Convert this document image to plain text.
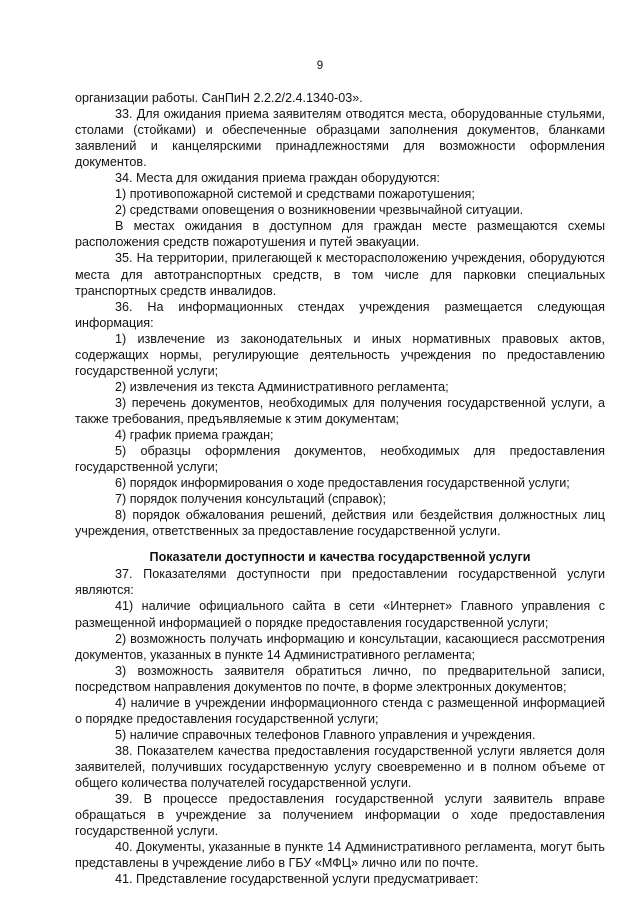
9

организации работы. СанПиН 2.2.2/2.4.1340-03».

33. Для ожидания приема заявителям отводятся места, оборудованные стульями, столами (стойками) и обеспеченные образцами заполнения документов, бланками заявлений и канцелярскими принадлежностями для возможности оформления документов.

34. Места для ожидания приема граждан оборудуются:

1) противопожарной системой и средствами пожаротушения;

2) средствами оповещения о возникновении чрезвычайной ситуации.

В местах ожидания в доступном для граждан месте размещаются схемы расположения средств пожаротушения и путей эвакуации.

35. На территории, прилегающей к месторасположению учреждения, оборудуются места для автотранспортных средств, в том числе для парковки специальных транспортных средств инвалидов.

36. На информационных стендах учреждения размещается следующая информация:

1) извлечение из законодательных и иных нормативных правовых актов, содержащих нормы, регулирующие деятельность учреждения по предоставлению государственной услуги;

2) извлечения из текста Административного регламента;

3) перечень документов, необходимых для получения государственной услуги, а также требования, предъявляемые к этим документам;

4) график приема граждан;

5) образцы оформления документов, необходимых для предоставления государственной услуги;

6) порядок информирования о ходе предоставления государственной услуги;

7) порядок получения консультаций (справок);

8) порядок обжалования решений, действия или бездействия должностных лиц учреждения, ответственных за предоставление государственной услуги.

Показатели доступности и качества государственной услуги

37. Показателями доступности при предоставлении государственной услуги являются:

41) наличие официального сайта в сети «Интернет» Главного управления с размещенной информацией о порядке предоставления государственной услуги;

2) возможность получать информацию и консультации, касающиеся рассмотрения документов, указанных в пункте 14 Административного регламента;

3) возможность заявителя обратиться лично, по предварительной записи, посредством направления документов по почте, в форме электронных документов;

4) наличие в учреждении информационного стенда с размещенной информацией о порядке предоставления государственной услуги;

5) наличие справочных телефонов Главного управления и учреждения.

38. Показателем качества предоставления государственной услуги является доля заявителей, получивших государственную услугу своевременно и в полном объеме от общего количества получателей государственной услуги.

39. В процессе предоставления государственной услуги заявитель вправе обращаться в учреждение за получением информации о ходе предоставления государственной услуги.

40. Документы, указанные в пункте 14 Административного регламента, могут быть представлены в учреждение либо в ГБУ «МФЦ» лично или по почте.

41. Представление государственной услуги предусматривает:
